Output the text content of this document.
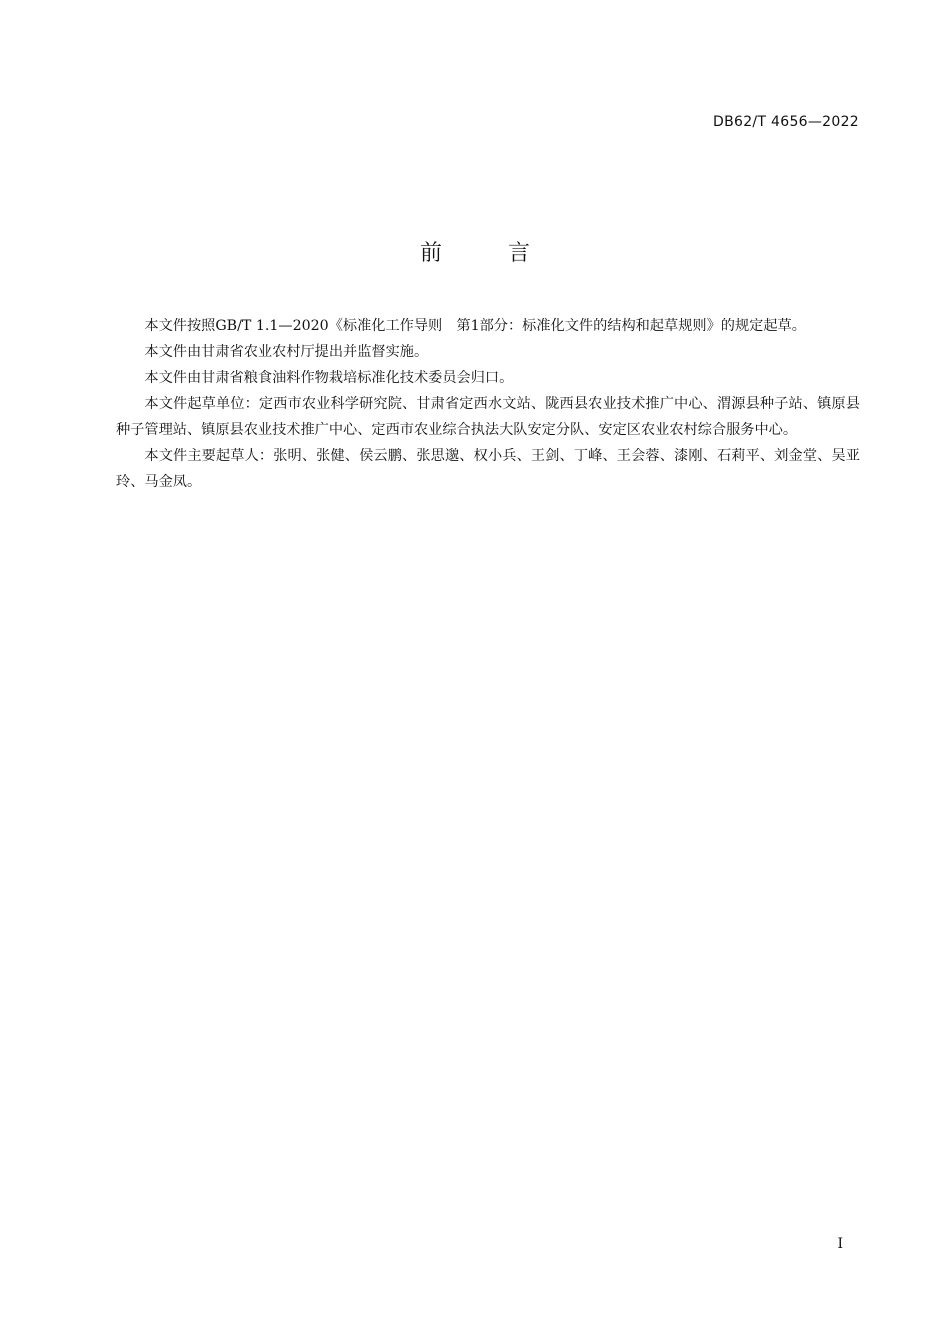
DB62/T 4656—2022
前言

本文件按照GB/T 1.1—2020《标准化工作导则　第1部分：标准化文件的结构和起草规则》的规定起草。

本文件由甘肃省农业农村厅提出并监督实施。

本文件由甘肃省粮食油料作物栽培标准化技术委员会归口。

本文件起草单位：定西市农业科学研究院、甘肃省定西水文站、陇西县农业技术推广中心、渭源县种子站、镇原县种子管理站、镇原县农业技术推广中心、定西市农业综合执法大队安定分队、安定区农业农村综合服务中心。

本文件主要起草人：张明、张健、侯云鹏、张思邈、权小兵、王剑、丁峰、王会蓉、漆刚、石莉平、刘金堂、吴亚玲、马金凤。

I
